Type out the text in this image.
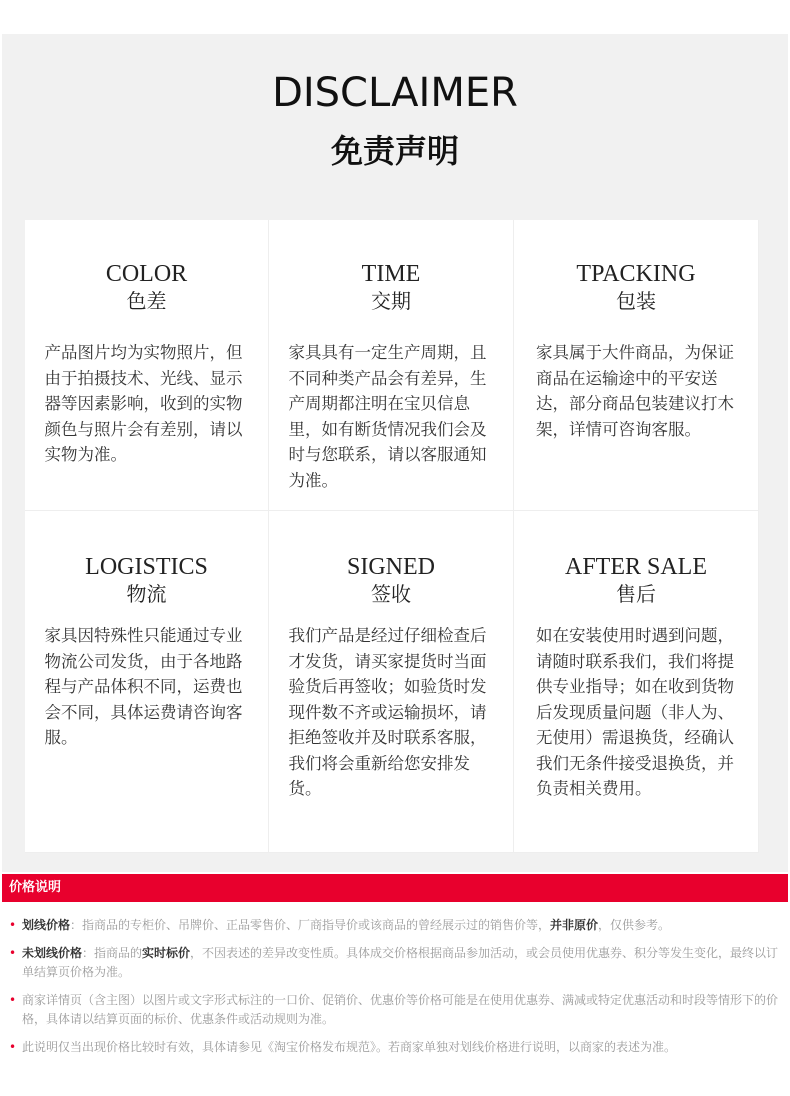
DISCLAIMER
免责声明
COLOR
色差
产品图片均为实物照片，但由于拍摄技术、光线、显示器等因素影响，收到的实物颜色与照片会有差别，请以实物为准。
TIME
交期
家具具有一定生产周期，且不同种类产品会有差异，生产周期都注明在宝贝信息里，如有断货情况我们会及时与您联系，请以客服通知为准。
TPACKING
包装
家具属于大件商品，为保证商品在运输途中的平安送达，部分商品包装建议打木架，详情可咨询客服。
LOGISTICS
物流
家具因特殊性只能通过专业物流公司发货，由于各地路程与产品体积不同，运费也会不同，具体运费请咨询客服。
SIGNED
签收
我们产品是经过仔细检查后才发货，请买家提货时当面验货后再签收；如验货时发现件数不齐或运输损坏，请拒绝签收并及时联系客服，我们将会重新给您安排发货。
AFTER SALE
售后
如在安装使用时遇到问题，请随时联系我们，我们将提供专业指导；如在收到货物后发现质量问题（非人为、无使用）需退换货，经确认我们无条件接受退换货，并负责相关费用。
价格说明
• 划线价格：指商品的专柜价、吊牌价、正品零售价、厂商指导价或该商品的曾经展示过的销售价等，并非原价，仅供参考。
• 未划线价格：指商品的实时标价，不因表述的差异改变性质。具体成交价格根据商品参加活动，或会员使用优惠券、积分等发生变化，最终以订单结算页价格为准。
• 商家详情页（含主图）以图片或文字形式标注的一口价、促销价、优惠价等价格可能是在使用优惠券、满减或特定优惠活动和时段等情形下的价格，具体请以结算页面的标价、优惠条件或活动规则为准。
• 此说明仅当出现价格比较时有效，具体请参见《淘宝价格发布规范》。若商家单独对划线价格进行说明，以商家的表述为准。
